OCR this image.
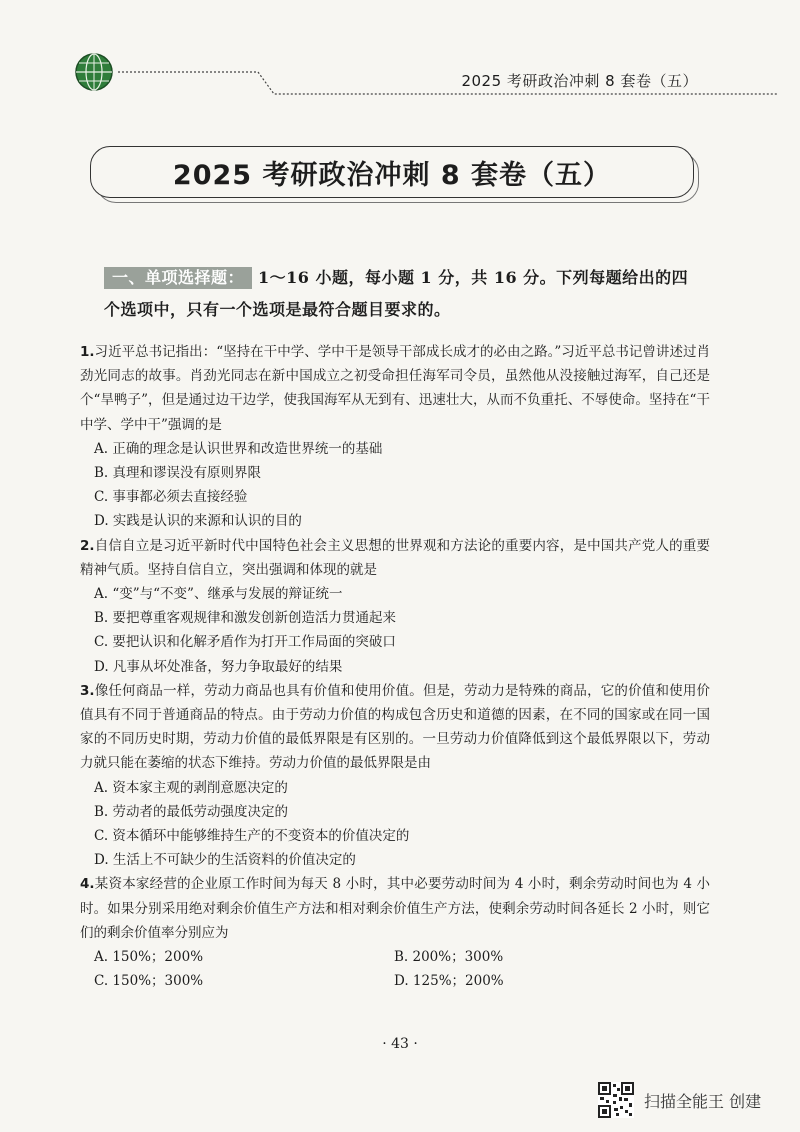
2025 考研政治冲刺 8 套卷（五）
2025 考研政治冲刺 8 套卷（五）
一、单项选择题： 1～16 小题，每小题 1 分，共 16 分。下列每题给出的四个选项中，只有一个选项是最符合题目要求的。

1.习近平总书记指出：“坚持在干中学、学中干是领导干部成长成才的必由之路。”习近平总书记曾讲述过肖劲光同志的故事。肖劲光同志在新中国成立之初受命担任海军司令员，虽然他从没接触过海军，自己还是个“旱鸭子”，但是通过边干边学，使我国海军从无到有、迅速壮大，从而不负重托、不辱使命。坚持在“干中学、学中干”强调的是

A. 正确的理念是认识世界和改造世界统一的基础

B. 真理和谬误没有原则界限

C. 事事都必须去直接经验

D. 实践是认识的来源和认识的目的

2.自信自立是习近平新时代中国特色社会主义思想的世界观和方法论的重要内容，是中国共产党人的重要精神气质。坚持自信自立，突出强调和体现的就是

A. “变”与“不变”、继承与发展的辩证统一

B. 要把尊重客观规律和激发创新创造活力贯通起来

C. 要把认识和化解矛盾作为打开工作局面的突破口

D. 凡事从坏处准备，努力争取最好的结果

3.像任何商品一样，劳动力商品也具有价值和使用价值。但是，劳动力是特殊的商品，它的价值和使用价值具有不同于普通商品的特点。由于劳动力价值的构成包含历史和道德的因素，在不同的国家或在同一国家的不同历史时期，劳动力价值的最低界限是有区别的。一旦劳动力价值降低到这个最低界限以下，劳动力就只能在萎缩的状态下维持。劳动力价值的最低界限是由

A. 资本家主观的剥削意愿决定的

B. 劳动者的最低劳动强度决定的

C. 资本循环中能够维持生产的不变资本的价值决定的

D. 生活上不可缺少的生活资料的价值决定的

4.某资本家经营的企业原工作时间为每天 8 小时，其中必要劳动时间为 4 小时，剩余劳动时间也为 4 小时。如果分别采用绝对剩余价值生产方法和相对剩余价值生产方法，使剩余劳动时间各延长 2 小时，则它们的剩余价值率分别应为

A. 150%；200%	B. 200%；300%

C. 150%；300%	D. 125%；200%

· 43 ·
扫描全能王 创建
